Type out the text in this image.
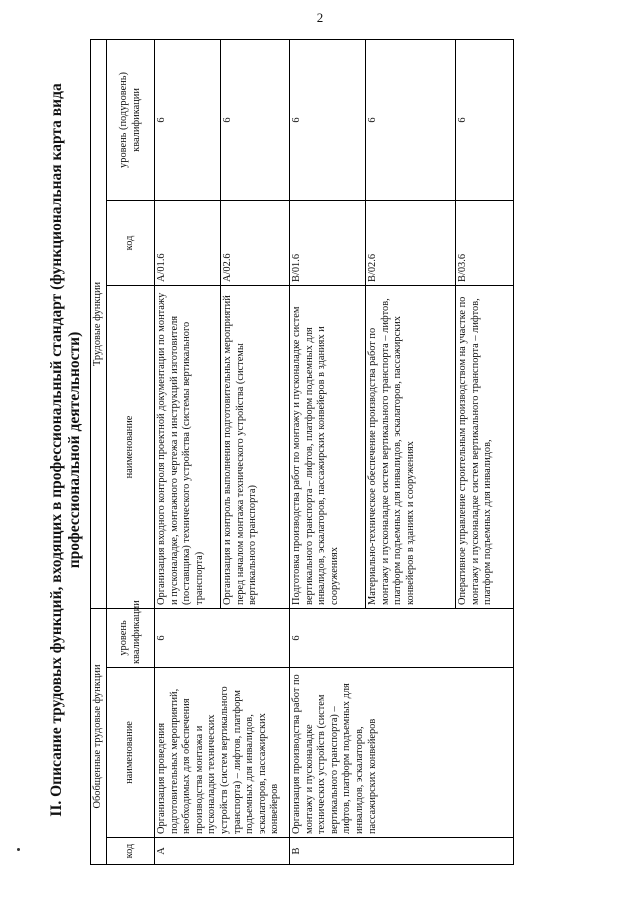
2
II. Описание трудовых функций, входящих в профессиональный стандарт (функциональная карта вида профессиональной деятельности)
Обобщенные трудовые функции			Трудовые функции		
код	наименование	уровень квалификации	наименование	код	уровень (подуровень) квалификации
A	Организация проведения подготовительных мероприятий, необходимых для обеспечения производства монтажа и пусконаладки технических устройств (систем вертикального транспорта) – лифтов, платформ подъемных для инвалидов, эскалаторов, пассажирских конвейеров	6	Организация входного контроля проектной документации по монтажу и пусконаладке, монтажного чертежа и инструкций изготовителя (поставщика) технического устройства (системы вертикального транспорта)	A/01.6	6
			Организация и контроль выполнения подготовительных мероприятий перед началом монтажа технического устройства (системы вертикального транспорта)	A/02.6	6
B	Организация производства работ по монтажу и пусконаладке технических устройств (систем вертикального транспорта) – лифтов, платформ подъемных для инвалидов, эскалаторов, пассажирских конвейеров	6	Подготовка производства работ по монтажу и пусконаладке систем вертикального транспорта – лифтов, платформ подъемных для инвалидов, эскалаторов, пассажирских конвейеров в зданиях и сооружениях	B/01.6	6
			Материально-техническое обеспечение производства работ по монтажу и пусконаладке систем вертикального транспорта – лифтов, платформ подъемных для инвалидов, эскалаторов, пассажирских конвейеров в зданиях и сооружениях	B/02.6	6
			Оперативное управление строительным производством на участке по монтажу и пусконаладке систем вертикального транспорта – лифтов, платформ подъемных для инвалидов,	B/03.6	6
